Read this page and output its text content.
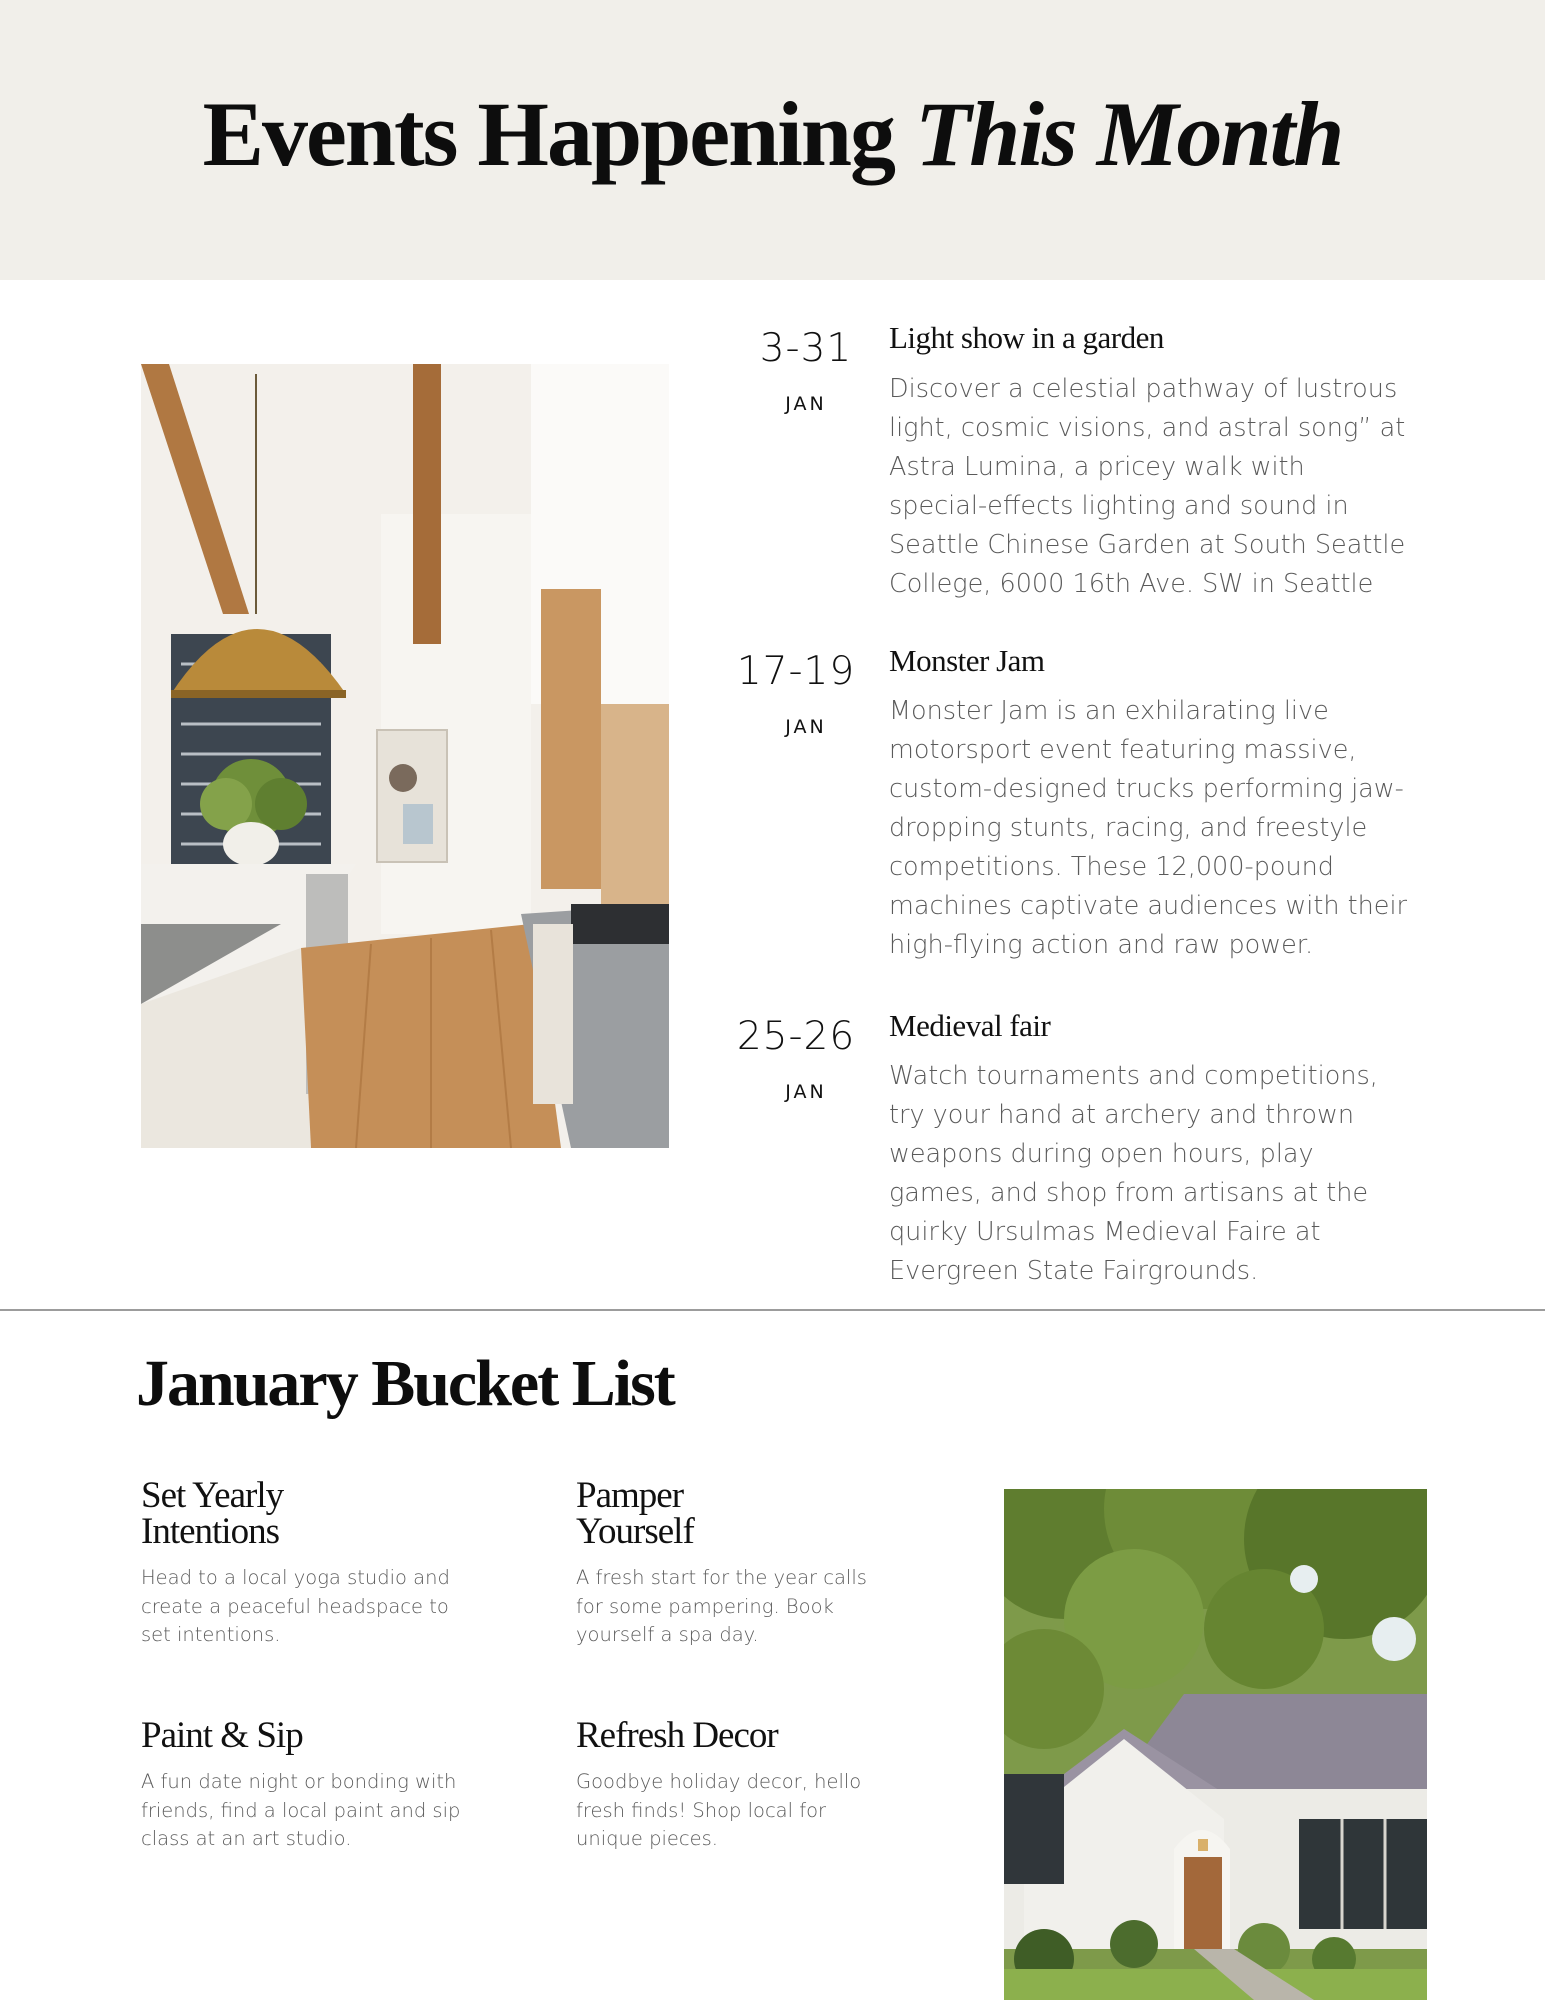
Events Happening This Month
3-31
JAN
Light show in a garden

Discover a celestial pathway of lustrous light, cosmic visions, and astral song” at Astra Lumina, a pricey walk with special-effects lighting and sound in Seattle Chinese Garden at South Seattle College, 6000 16th Ave. SW in Seattle

17-19
JAN
Monster Jam

Monster Jam is an exhilarating live motorsport event featuring massive, custom-designed trucks performing jaw-dropping stunts, racing, and freestyle competitions. These 12,000-pound machines captivate audiences with their high-flying action and raw power.

25-26
JAN
Medieval fair

Watch tournaments and competitions, try your hand at archery and thrown weapons during open hours, play games, and shop from artisans at the quirky Ursulmas Medieval Faire at Evergreen State Fairgrounds.

January Bucket List
Set Yearly
Intentions

Head to a local yoga studio and create a peaceful headspace to set intentions.

Pamper
Yourself

A fresh start for the year calls for some pampering. Book yourself a spa day.

Paint & Sip

A fun date night or bonding with friends, find a local paint and sip class at an art studio.

Refresh Decor

Goodbye holiday decor, hello fresh finds! Shop local for unique pieces.
